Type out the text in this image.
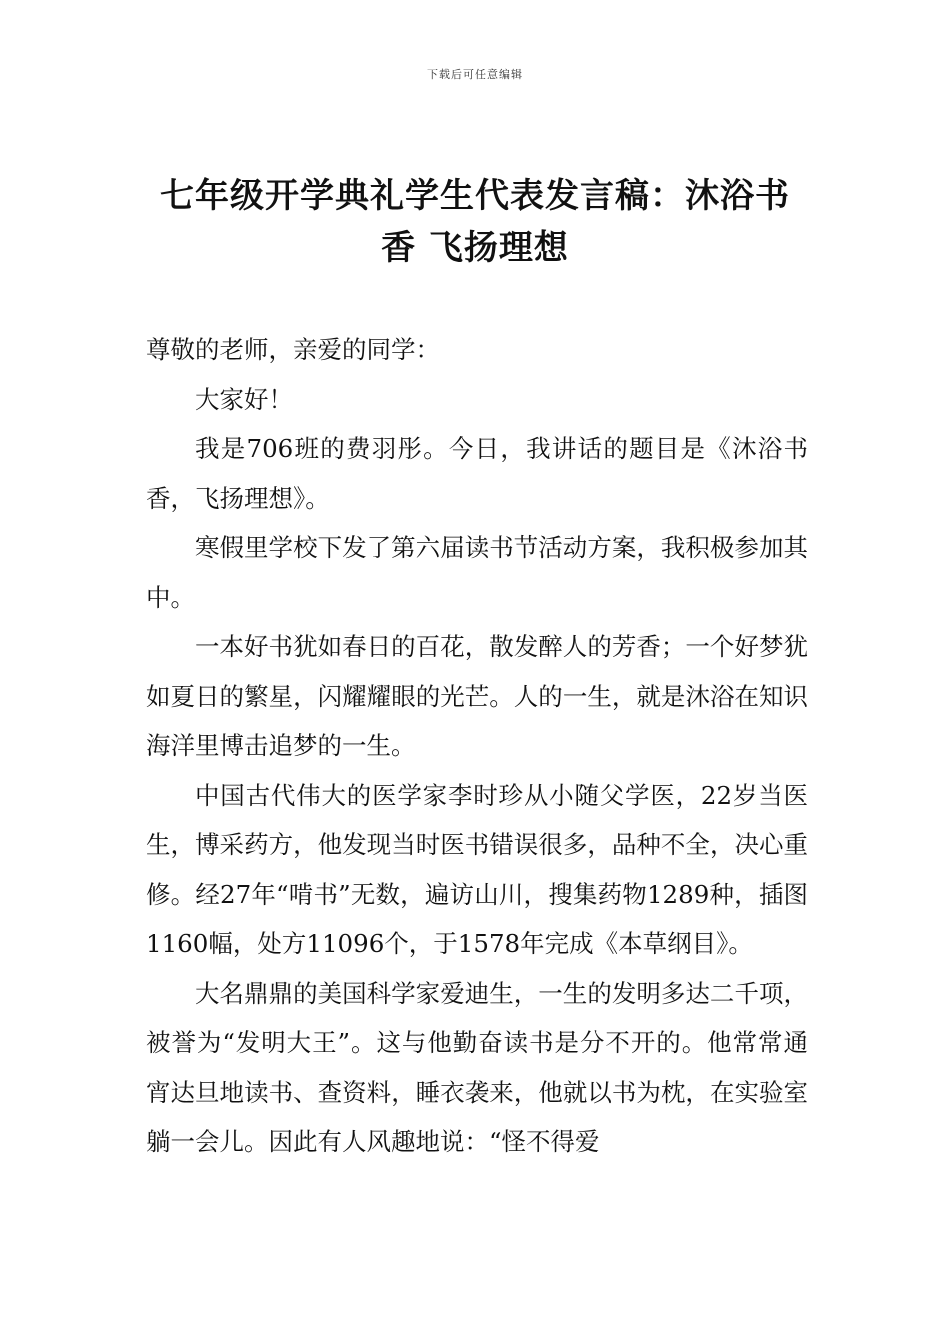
下载后可任意编辑
七年级开学典礼学生代表发言稿：沐浴书
香 飞扬理想

尊敬的老师，亲爱的同学：

大家好！

我是706班的费羽彤。今日，我讲话的题目是《沐浴书香，飞扬理想》。

寒假里学校下发了第六届读书节活动方案，我积极参加其中。

一本好书犹如春日的百花，散发醉人的芳香；一个好梦犹如夏日的繁星，闪耀耀眼的光芒。人的一生，就是沐浴在知识海洋里博击追梦的一生。

中国古代伟大的医学家李时珍从小随父学医，22岁当医生，博采药方，他发现当时医书错误很多，品种不全，决心重修。经27年“啃书”无数，遍访山川，搜集药物1289种，插图1160幅，处方11096个，于1578年完成《本草纲目》。

大名鼎鼎的美国科学家爱迪生，一生的发明多达二千项，被誉为“发明大王”。这与他勤奋读书是分不开的。他常常通宵达旦地读书、查资料，睡衣袭来，他就以书为枕，在实验室躺一会儿。因此有人风趣地说：“怪不得爱
